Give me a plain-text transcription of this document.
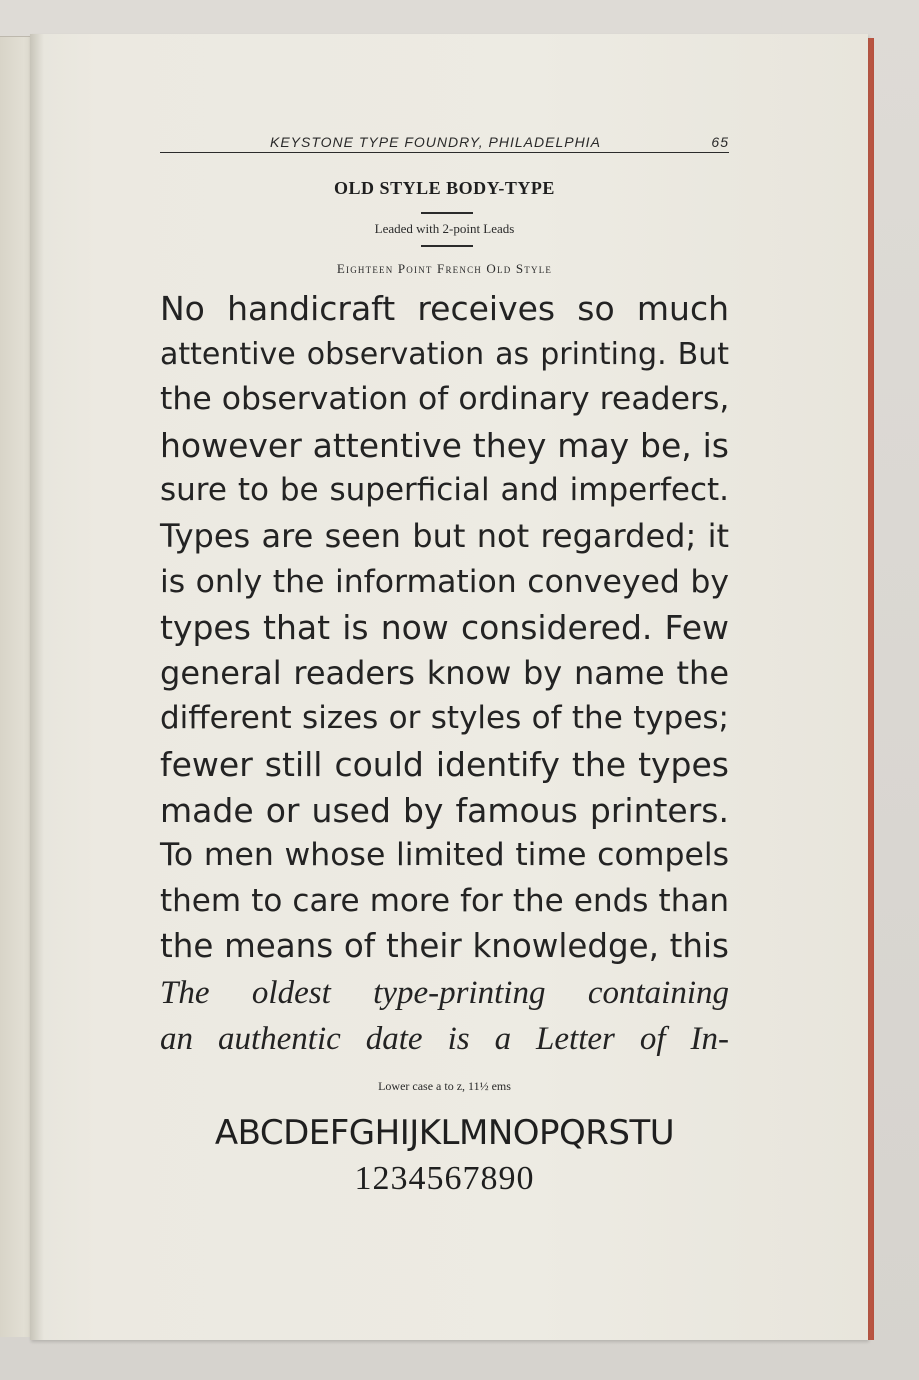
KEYSTONE TYPE FOUNDRY, PHILADELPHIA	65
OLD STYLE BODY-TYPE
Leaded with 2-point Leads
Eighteen Point French Old Style
No handicraft receives so much
attentive observation as printing. But
the observation of ordinary readers,
however attentive they may be, is
sure to be superficial and imperfect.
Types are seen but not regarded; it
is only the information conveyed by
types that is now considered. Few
general readers know by name the
different sizes or styles of the types;
fewer still could identify the types
made or used by famous printers.
To men whose limited time compels
them to care more for the ends than
the means of their knowledge, this
The oldest type-printing containing
an authentic date is a Letter of In-
Lower case a to z, 11½ ems
ABCDEFGHIJKLMNOPQRSTU
1234567890
